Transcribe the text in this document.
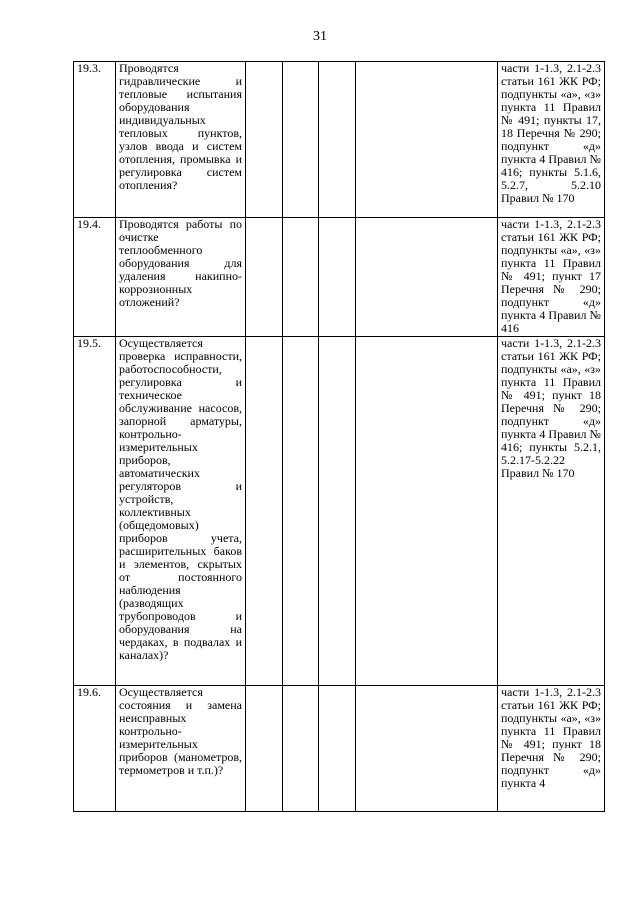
31
19.3.	Проводятся гидравлические и тепловые испытания оборудования индивидуальных тепловых пунктов, узлов ввода и систем отопления, промывка и регулировка систем отопления?					части 1-1.3, 2.1-2.3 статьи 161 ЖК РФ; подпункты «а», «з» пункта 11 Правил № 491; пункты 17, 18 Перечня № 290; подпункт «д» пункта 4 Правил № 416; пункты 5.1.6, 5.2.7, 5.2.10 Правил № 170
19.4.	Проводятся работы по очистке теплообменного оборудования для удаления накипно-коррозионных отложений?					части 1-1.3, 2.1-2.3 статьи 161 ЖК РФ; подпункты «а», «з» пункта 11 Правил № 491; пункт 17 Перечня № 290; подпункт «д» пункта 4 Правил № 416
19.5.	Осуществляется проверка исправности, работоспособности, регулировка и техническое обслуживание насосов, запорной арматуры, контрольно-измерительных приборов, автоматических регуляторов и устройств, коллективных (общедомовых) приборов учета, расширительных баков и элементов, скрытых от постоянного наблюдения (разводящих трубопроводов и оборудования на чердаках, в подвалах и каналах)?					части 1-1.3, 2.1-2.3 статьи 161 ЖК РФ; подпункты «а», «з» пункта 11 Правил № 491; пункт 18 Перечня № 290; подпункт «д» пункта 4 Правил № 416; пункты 5.2.1, 5.2.17-5.2.22 Правил № 170
19.6.	Осуществляется состояния и замена неисправных контрольно-измерительных приборов (манометров, термометров и т.п.)?					части 1-1.3, 2.1-2.3 статьи 161 ЖК РФ; подпункты «а», «з» пункта 11 Правил № 491; пункт 18 Перечня № 290; подпункт «д» пункта 4
